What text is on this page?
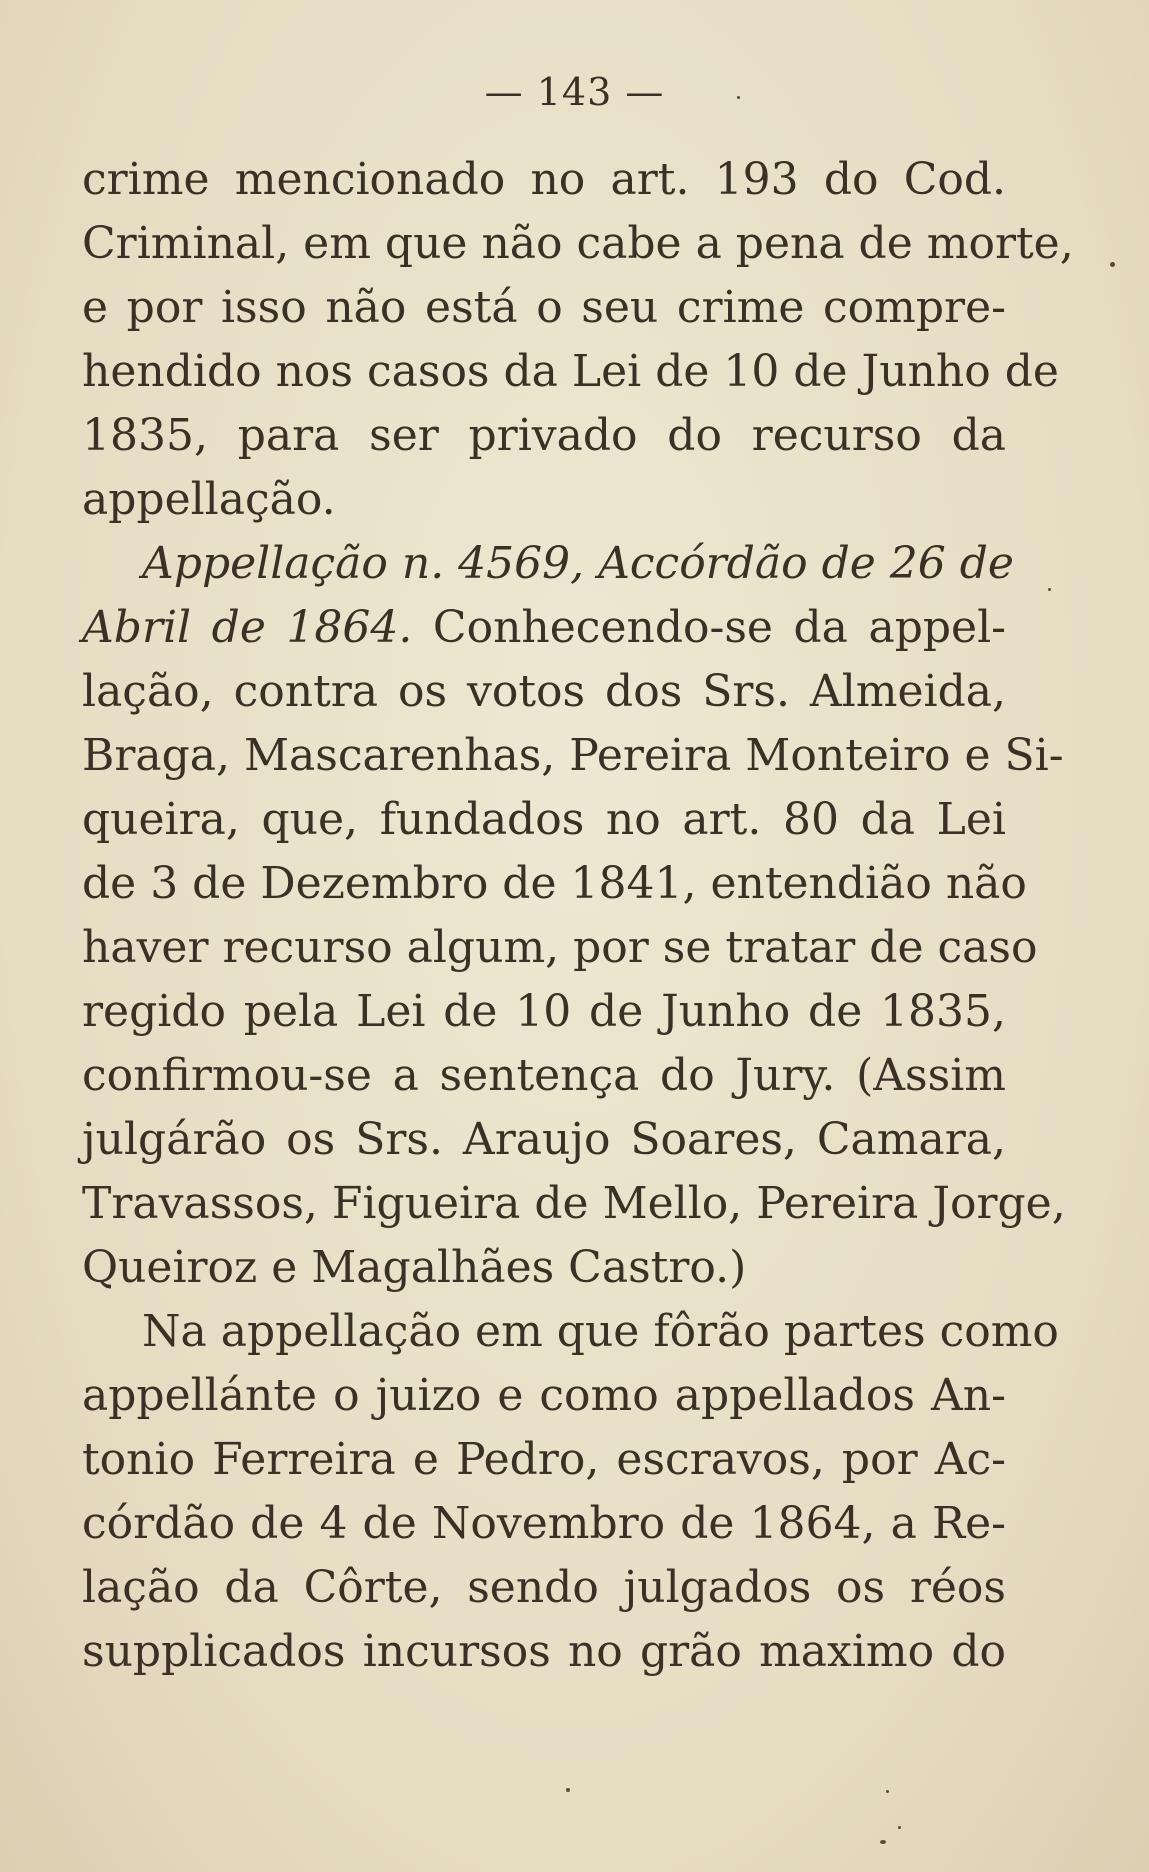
— 143 —
crime mencionado no art. 193 do Cod.
Criminal, em que não cabe a pena de morte,
e por isso não está o seu crime compre-
hendido nos casos da Lei de 10 de Junho de
1835, para ser privado do recurso da
appellação.
Appellação n. 4569, Accórdão de 26 de
Abril de 1864. Conhecendo-se da appel-
lação, contra os votos dos Srs. Almeida,
Braga, Mascarenhas, Pereira Monteiro e Si-
queira, que, fundados no art. 80 da Lei
de 3 de Dezembro de 1841, entendião não
haver recurso algum, por se tratar de caso
regido pela Lei de 10 de Junho de 1835,
confirmou-se a sentença do Jury. (Assim
julgárão os Srs. Araujo Soares, Camara,
Travassos, Figueira de Mello, Pereira Jorge,
Queiroz e Magalhães Castro.)
Na appellação em que fôrão partes como
appellánte o juizo e como appellados An-
tonio Ferreira e Pedro, escravos, por Ac-
córdão de 4 de Novembro de 1864, a Re-
lação da Côrte, sendo julgados os réos
supplicados incursos no grão maximo do
